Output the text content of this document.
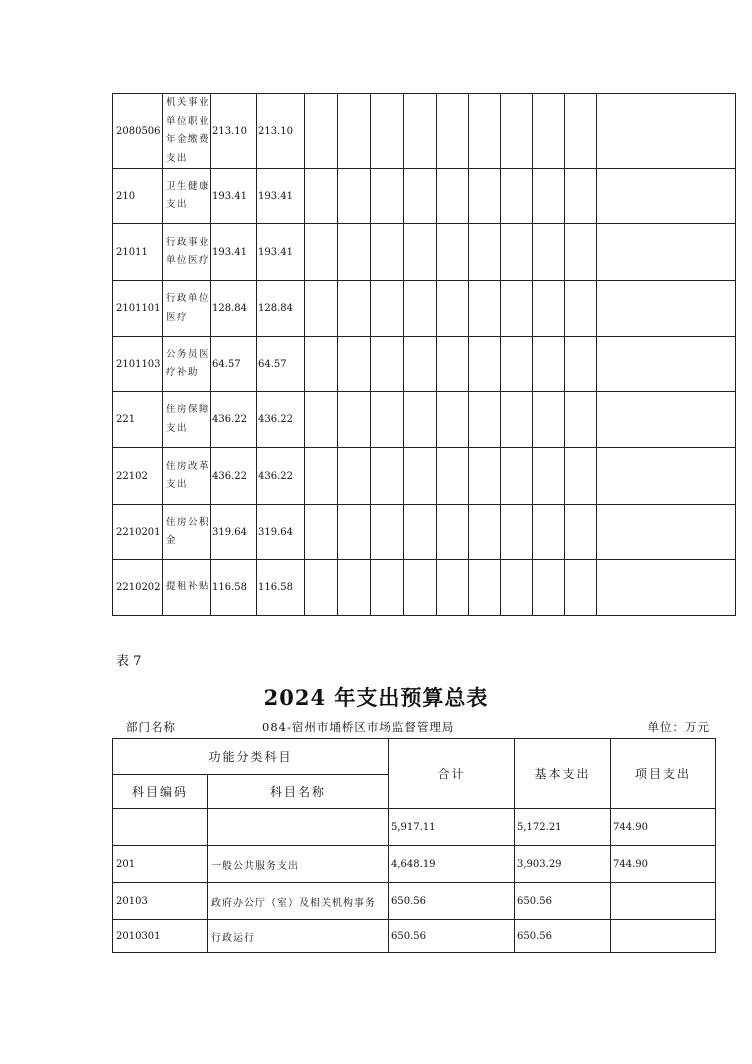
2080506	机关事业单位职业年金缴费支出	213.10	213.10										
210	卫生健康支出	193.41	193.41										
21011	行政事业单位医疗	193.41	193.41										
2101101	行政单位医疗	128.84	128.84										
2101103	公务员医疗补助	64.57	64.57										
221	住房保障支出	436.22	436.22										
22102	住房改革支出	436.22	436.22										
2210201	住房公积金	319.64	319.64										
2210202	提租补贴	116.58	116.58										
表 7
2024 年支出预算总表
部门名称	084-宿州市埇桥区市场监督管理局	单位：万元
功能分类科目		合计	基本支出	项目支出
科目编码	科目名称			
		5,917.11	5,172.21	744.90
201	一般公共服务支出	4,648.19	3,903.29	744.90
20103	政府办公厅（室）及相关机构事务	650.56	650.56	
2010301	行政运行	650.56	650.56	
